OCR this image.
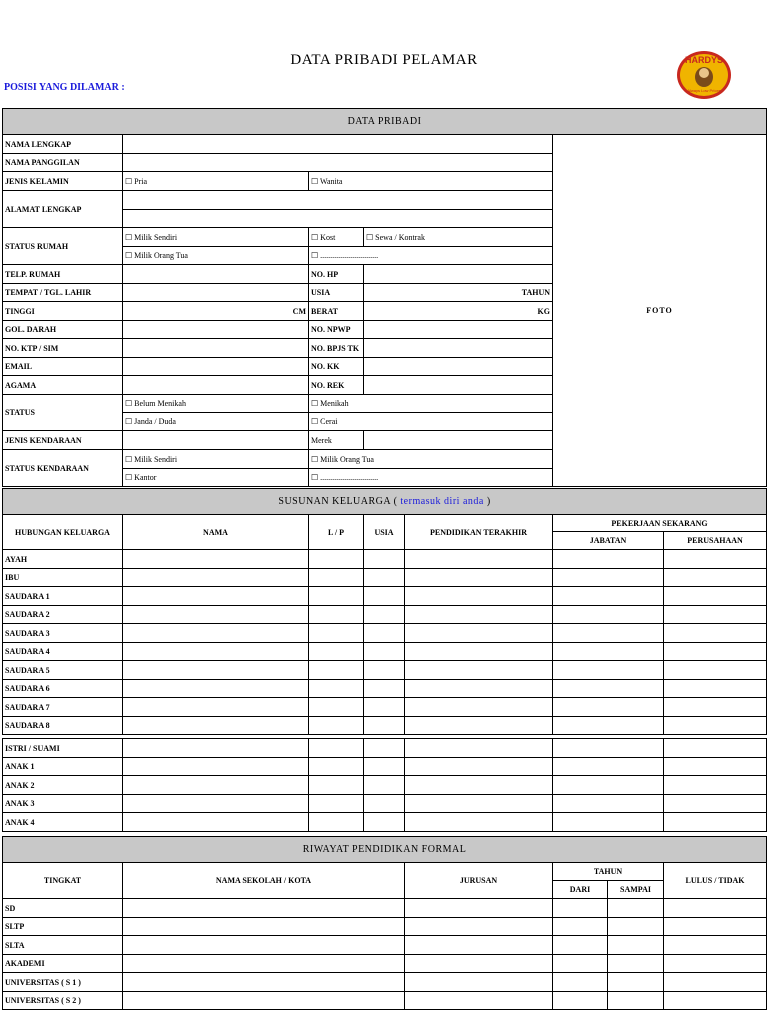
DATA PRIBADI PELAMAR
POSISI YANG DILAMAR :
HARDYS
Always Low Prices
DATA PRIBADI				
NAMA LENGKAP				FOTO
NAMA PANGGILAN				
JENIS KELAMIN	☐ Pria	☐ Wanita		
ALAMAT LENGKAP				

STATUS RUMAH	☐ Milik Sendiri	☐ Kost	☐ Sewa / Kontrak	
	☐ Milik Orang Tua	☐ .............................		
TELP. RUMAH		NO. HP		
TEMPAT / TGL. LAHIR		USIA	TAHUN	
TINGGI	CM	BERAT	KG	
GOL. DARAH		NO. NPWP		
NO. KTP / SIM		NO. BPJS TK		
EMAIL		NO. KK		
AGAMA		NO. REK		
STATUS	☐ Belum Menikah	☐ Menikah		
	☐ Janda / Duda	☐ Cerai		
JENIS KENDARAAN		Merek		
STATUS KENDARAAN	☐ Milik Sendiri	☐ Milik Orang Tua		
	☐ Kantor	☐ .............................		
SUSUNAN KELUARGA ( termasuk diri anda )						
HUBUNGAN KELUARGA	NAMA	L / P	USIA	PENDIDIKAN TERAKHIR	PEKERJAAN SEKARANG	
					JABATAN	PERUSAHAAN
AYAH						
IBU						
SAUDARA 1						
SAUDARA 2						
SAUDARA 3						
SAUDARA 4						
SAUDARA 5						
SAUDARA 6						
SAUDARA 7						
SAUDARA 8						

ISTRI / SUAMI						
ANAK 1						
ANAK 2						
ANAK 3						
ANAK 4						
RIWAYAT PENDIDIKAN FORMAL					
TINGKAT	NAMA SEKOLAH / KOTA	JURUSAN	TAHUN		LULUS / TIDAK
			DARI	SAMPAI	
SD					
SLTP					
SLTA					
AKADEMI					
UNIVERSITAS ( S 1 )					
UNIVERSITAS ( S 2 )					
